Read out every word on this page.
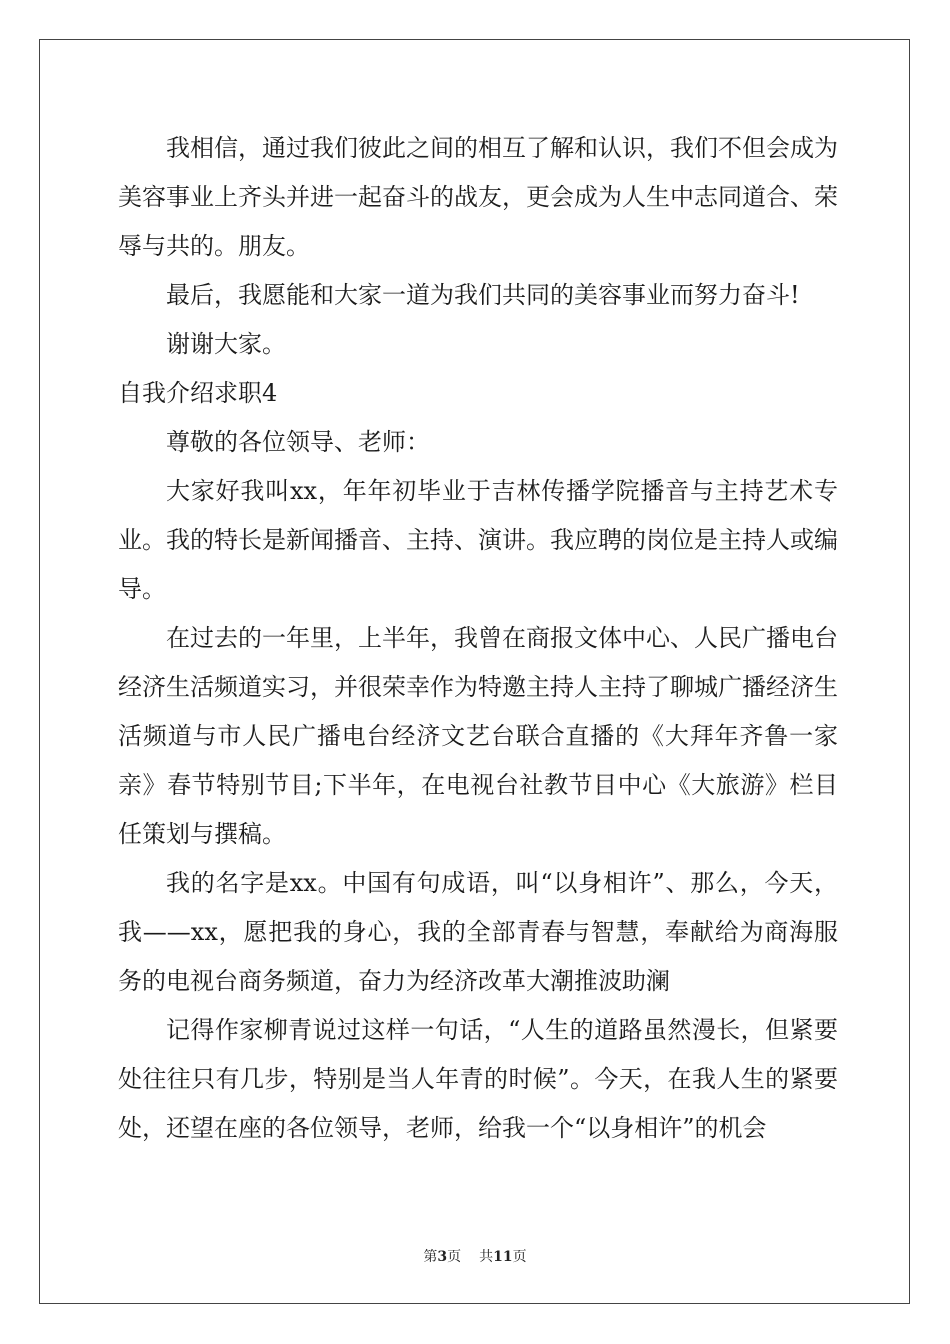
我相信，通过我们彼此之间的相互了解和认识，我们不但会成为美容事业上齐头并进一起奋斗的战友，更会成为人生中志同道合、荣辱与共的。朋友。

最后，我愿能和大家一道为我们共同的美容事业而努力奋斗!

谢谢大家。

自我介绍求职4

尊敬的各位领导、老师：

大家好我叫xx，年年初毕业于吉林传播学院播音与主持艺术专业。我的特长是新闻播音、主持、演讲。我应聘的岗位是主持人或编导。

在过去的一年里，上半年，我曾在商报文体中心、人民广播电台经济生活频道实习，并很荣幸作为特邀主持人主持了聊城广播经济生活频道与市人民广播电台经济文艺台联合直播的《大拜年齐鲁一家亲》春节特别节目;下半年，在电视台社教节目中心《大旅游》栏目任策划与撰稿。

我的名字是xx。中国有句成语，叫“以身相许”、那么，今天，我——xx，愿把我的身心，我的全部青春与智慧，奉献给为商海服务的电视台商务频道，奋力为经济改革大潮推波助澜

记得作家柳青说过这样一句话，“人生的道路虽然漫长，但紧要处往往只有几步，特别是当人年青的时候”。今天，在我人生的紧要处，还望在座的各位领导，老师，给我一个“以身相许”的机会

第3页 共11页
